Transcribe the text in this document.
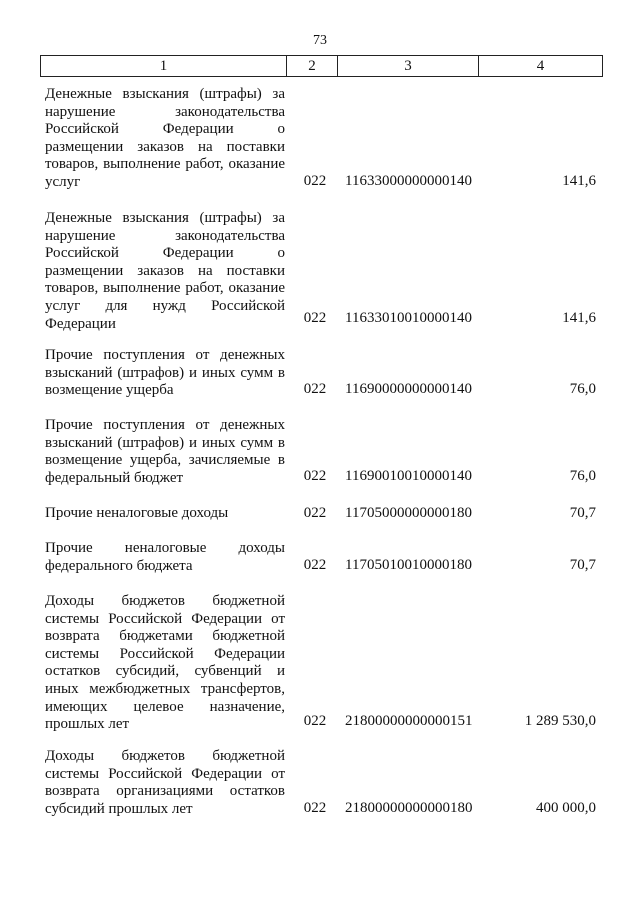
73
1	2	3	4
Денежные взыскания (штрафы) за нарушение законодательства Российской Федерации о размещении заказов на поставки товаров, выполнение работ, оказание услуг	022 11633000000000140	141,6
Денежные взыскания (штрафы) за нарушение законодательства Российской Федерации о размещении заказов на поставки товаров, выполнение работ, оказание услуг для нужд Российской Федерации	022 11633010010000140	141,6
Прочие поступления от денежных взысканий (штрафов) и иных сумм в возмещение ущерба	022 11690000000000140	76,0
Прочие поступления от денежных взысканий (штрафов) и иных сумм в возмещение ущерба, зачисляемые в федеральный бюджет	022 11690010010000140	76,0
Прочие неналоговые доходы	022 11705000000000180	70,7
Прочие неналоговые доходы федерального бюджета	022 11705010010000180	70,7
Доходы бюджетов бюджетной системы Российской Федерации от возврата бюджетами бюджетной системы Российской Федерации остатков субсидий, субвенций и иных межбюджетных трансфертов, имеющих целевое назначение, прошлых лет	022 21800000000000151	1 289 530,0
Доходы бюджетов бюджетной системы Российской Федерации от возврата организациями остатков субсидий прошлых лет	022 21800000000000180	400 000,0
